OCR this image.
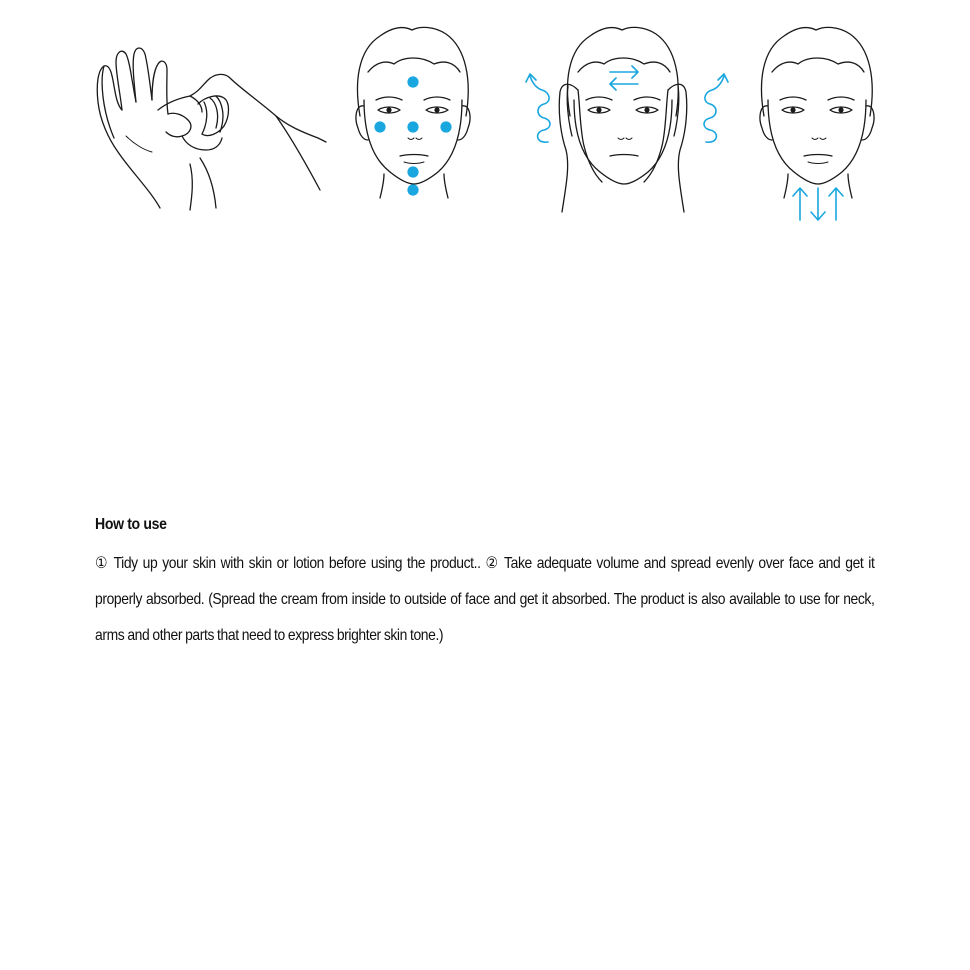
How to use

① Tidy up your skin with skin or lotion before using the product.. ② Take adequate volume and spread evenly over face and get it properly absorbed. (Spread the cream from inside to outside of face and get it absorbed. The product is also available to use for neck, arms and other parts that need to express brighter skin tone.)
